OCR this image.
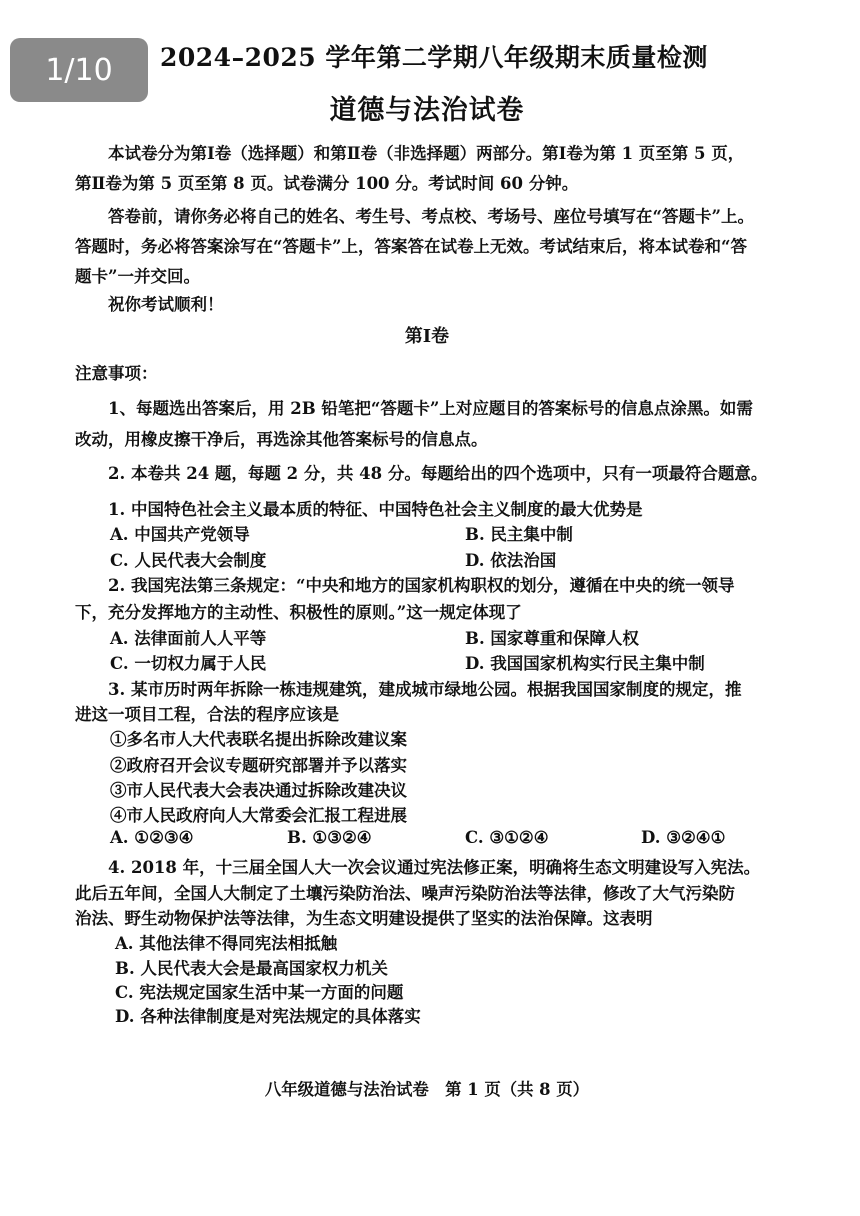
1/10	2024–2025 学年第二学期八年级期末质量检测
道德与法治试卷
本试卷分为第Ⅰ卷（选择题）和第Ⅱ卷（非选择题）两部分。第Ⅰ卷为第 1 页至第 5 页，
第Ⅱ卷为第 5 页至第 8 页。试卷满分 100 分。考试时间 60 分钟。
答卷前，请你务必将自己的姓名、考生号、考点校、考场号、座位号填写在“答题卡”上。
答题时，务必将答案涂写在“答题卡”上，答案答在试卷上无效。考试结束后，将本试卷和“答
题卡”一并交回。
祝你考试顺利！
第Ⅰ卷
注意事项：
1、每题选出答案后，用 2B 铅笔把“答题卡”上对应题目的答案标号的信息点涂黑。如需
改动，用橡皮擦干净后，再选涂其他答案标号的信息点。
2. 本卷共 24 题，每题 2 分，共 48 分。每题给出的四个选项中，只有一项最符合题意。
1. 中国特色社会主义最本质的特征、中国特色社会主义制度的最大优势是
A. 中国共产党领导	B. 民主集中制
C. 人民代表大会制度	D. 依法治国
2. 我国宪法第三条规定：“中央和地方的国家机构职权的划分，遵循在中央的统一领导
下，充分发挥地方的主动性、积极性的原则。”这一规定体现了
A. 法律面前人人平等	B. 国家尊重和保障人权
C. 一切权力属于人民	D. 我国国家机构实行民主集中制
3. 某市历时两年拆除一栋违规建筑，建成城市绿地公园。根据我国国家制度的规定，推
进这一项目工程，合法的程序应该是
①多名市人大代表联名提出拆除改建议案
②政府召开会议专题研究部署并予以落实
③市人民代表大会表决通过拆除改建决议
④市人民政府向人大常委会汇报工程进展
A. ①②③④	B. ①③②④	C. ③①②④	D. ③②④①
4. 2018 年，十三届全国人大一次会议通过宪法修正案，明确将生态文明建设写入宪法。
此后五年间，全国人大制定了土壤污染防治法、噪声污染防治法等法律，修改了大气污染防
治法、野生动物保护法等法律，为生态文明建设提供了坚实的法治保障。这表明
A. 其他法律不得同宪法相抵触
B. 人民代表大会是最高国家权力机关
C. 宪法规定国家生活中某一方面的问题
D. 各种法律制度是对宪法规定的具体落实
八年级道德与法治试卷　第 1 页（共 8 页）
